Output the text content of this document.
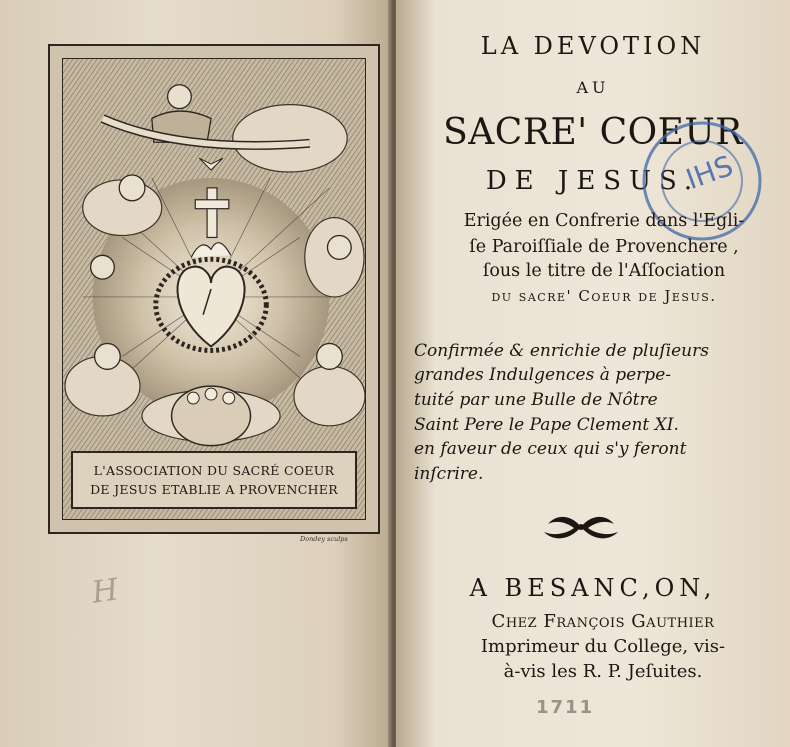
L'ASSOCIATION DU SACRÉ COEUR
DE JESUS ETABLIE A PROVENCHER
Dondey sculps
H
LA DEVOTION
AU
SACRE' COEUR
DE JESUS.
IHS
Erigée en Confrerie dans l'Egli-
ſe Paroiſſiale de Provenchere ,
ſous le titre de l'Aſſociation
du sacre' Coeur de Jesus.
Confirmée & enrichie de pluſieurs
grandes Indulgences à perpe-
tuité par une Bulle de Nôtre
Saint Pere le Pape Clement XI.
en faveur de ceux qui s'y feront
inſcrire.
A BESANC,ON,
Chez François Gauthier
Imprimeur du College, vis-
à-vis les R. P. Jeſuites.
1711
